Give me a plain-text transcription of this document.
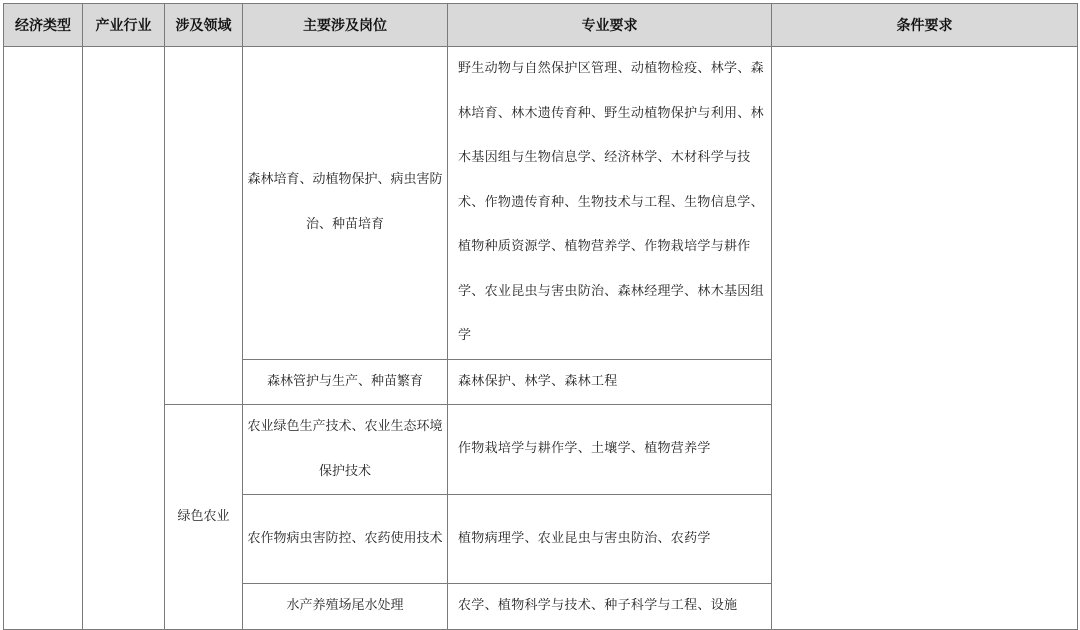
经济类型	产业行业	涉及领域	主要涉及岗位	专业要求	条件要求
			森林培育、动植物保护、病虫害防治、种苗培育	野生动物与自然保护区管理、动植物检疫、林学、森林培育、林木遗传育种、野生动植物保护与利用、林木基因组与生物信息学、经济林学、木材科学与技术、作物遗传育种、生物技术与工程、生物信息学、植物种质资源学、植物营养学、作物栽培学与耕作学、农业昆虫与害虫防治、森林经理学、林木基因组学	
			森林管护与生产、种苗繁育	森林保护、林学、森林工程	
		绿色农业	农业绿色生产技术、农业生态环境保护技术	作物栽培学与耕作学、土壤学、植物营养学	
			农作物病虫害防控、农药使用技术	植物病理学、农业昆虫与害虫防治、农药学	
			水产养殖场尾水处理	农学、植物科学与技术、种子科学与工程、设施	
